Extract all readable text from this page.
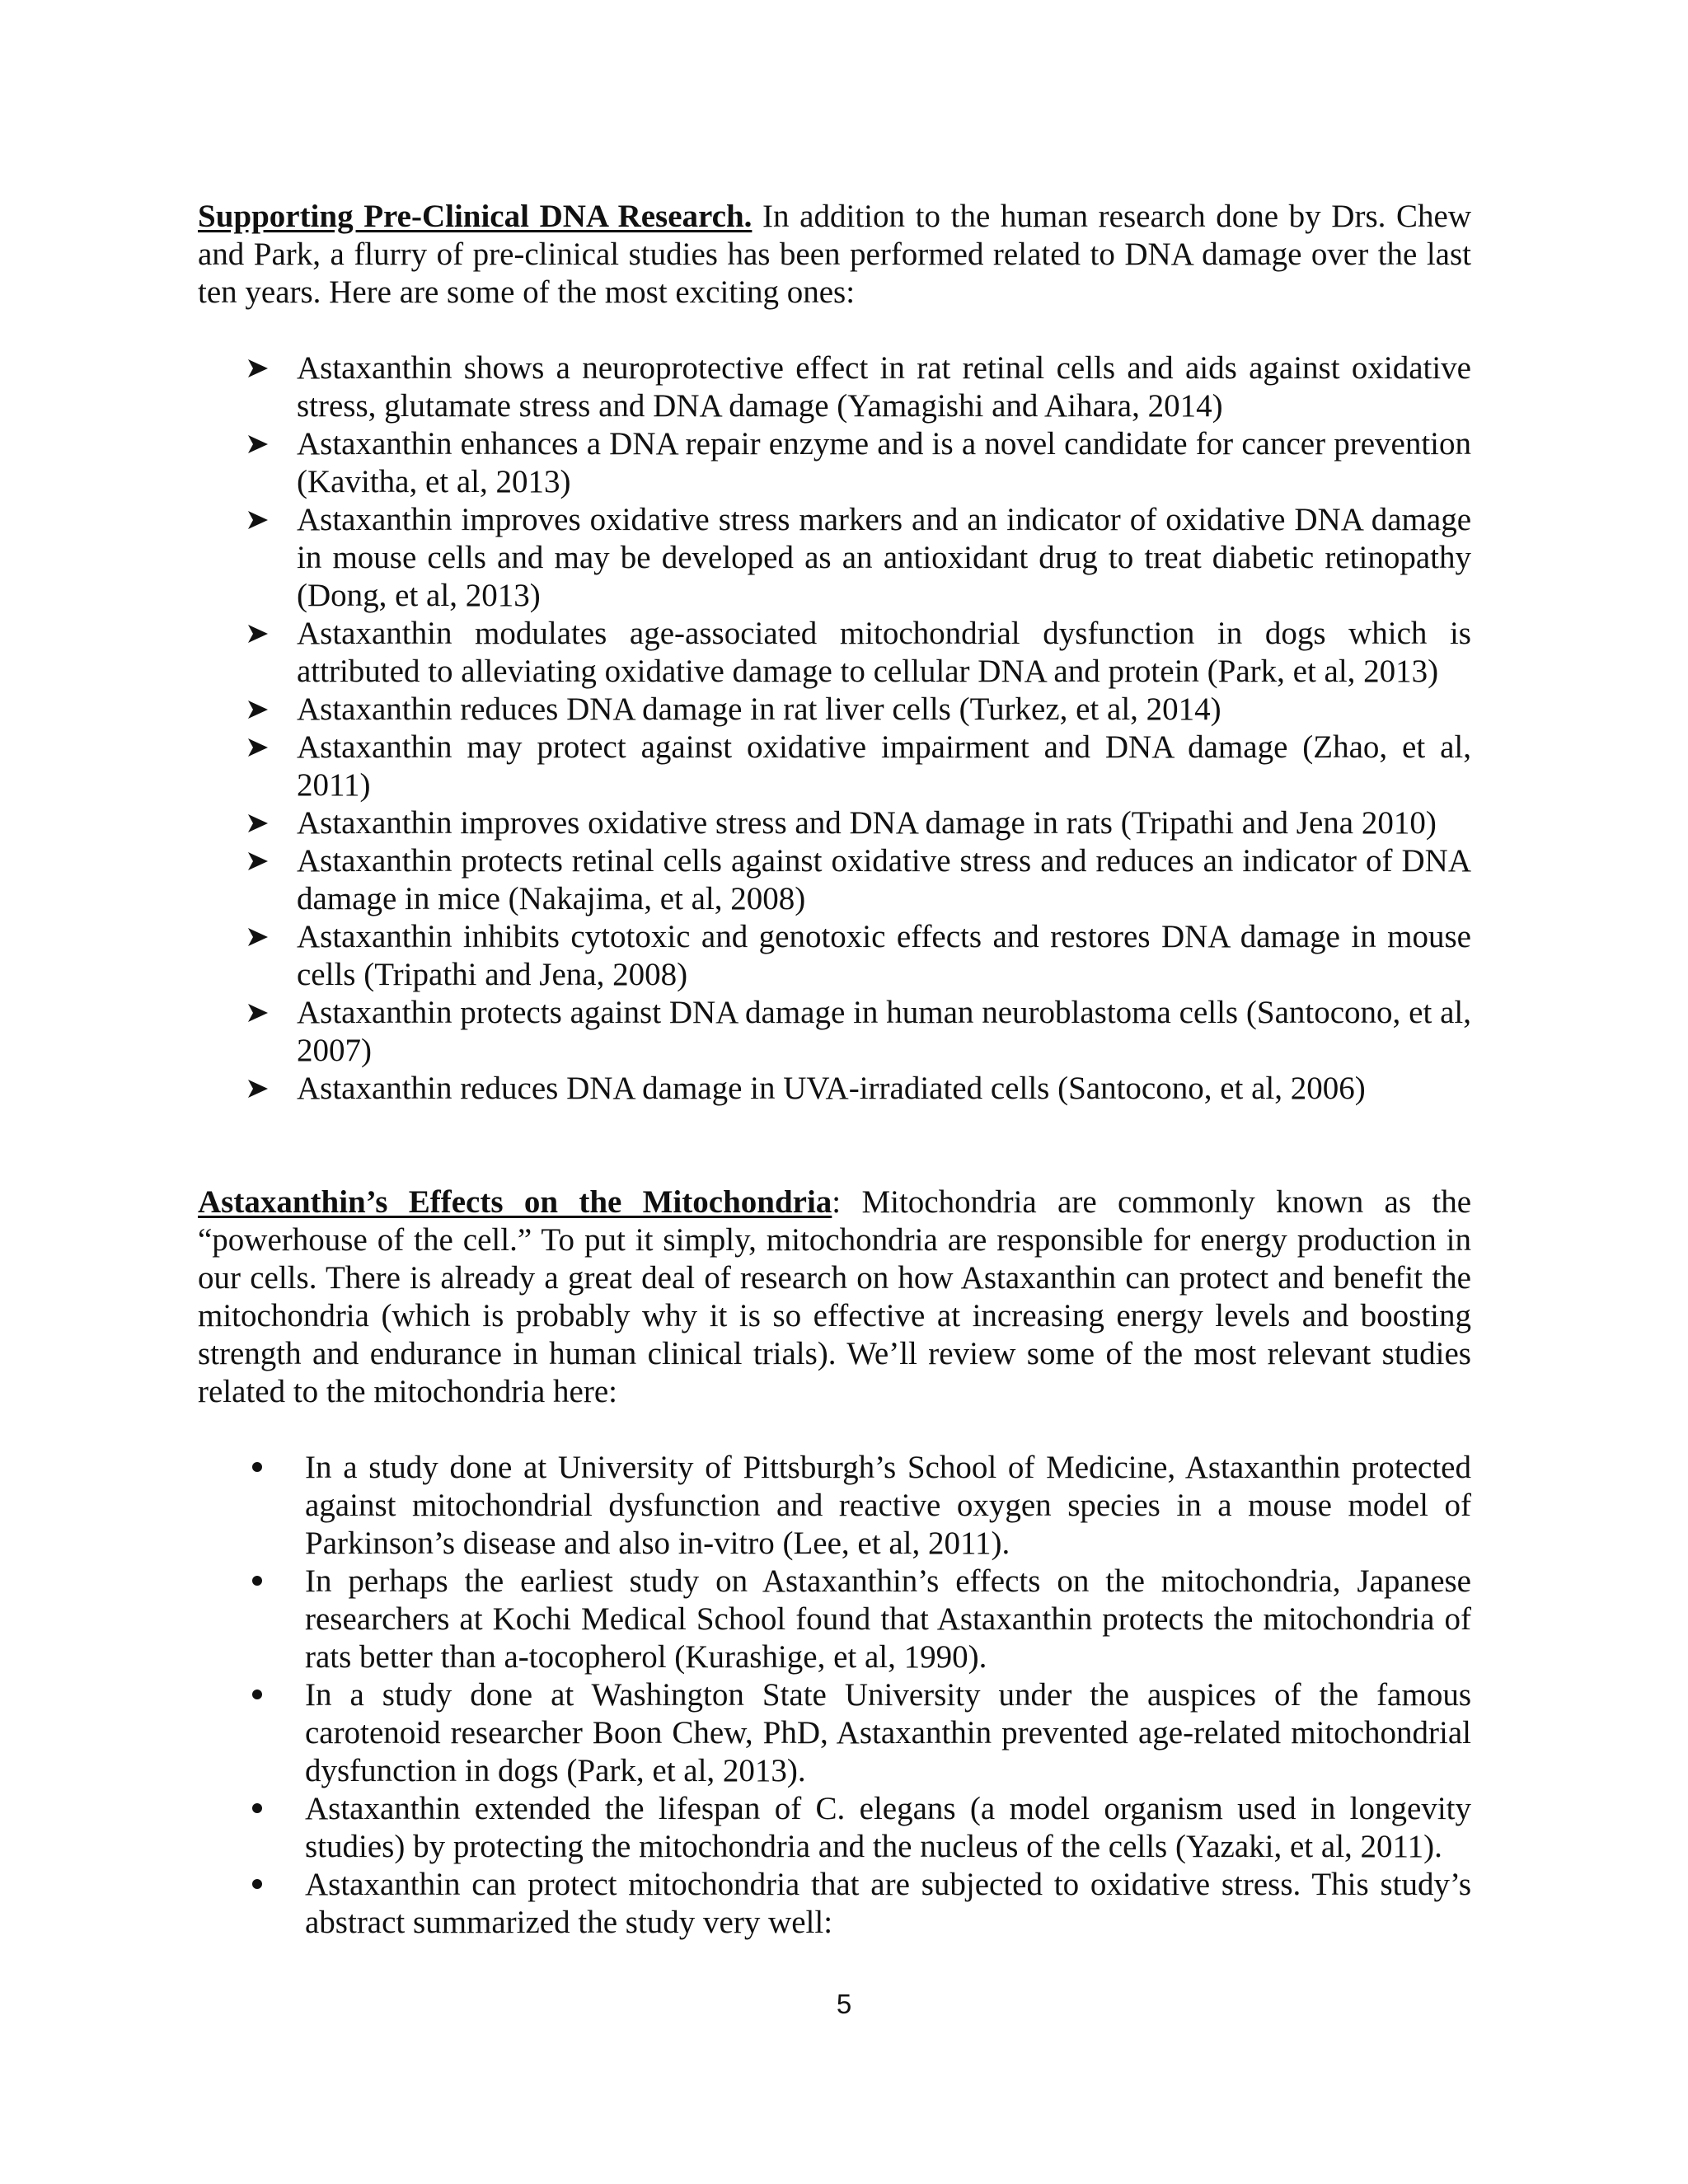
Supporting Pre-Clinical DNA Research. In addition to the human research done by Drs. Chew and Park, a flurry of pre-clinical studies has been performed related to DNA damage over the last ten years. Here are some of the most exciting ones:

Astaxanthin shows a neuroprotective effect in rat retinal cells and aids against oxidative stress, glutamate stress and DNA damage (Yamagishi and Aihara, 2014)
Astaxanthin enhances a DNA repair enzyme and is a novel candidate for cancer prevention (Kavitha, et al, 2013)
Astaxanthin improves oxidative stress markers and an indicator of oxidative DNA damage in mouse cells and may be developed as an antioxidant drug to treat diabetic retinopathy (Dong, et al, 2013)
Astaxanthin modulates age-associated mitochondrial dysfunction in dogs which is attributed to alleviating oxidative damage to cellular DNA and protein (Park, et al, 2013)
Astaxanthin reduces DNA damage in rat liver cells (Turkez, et al, 2014)
Astaxanthin may protect against oxidative impairment and DNA damage (Zhao, et al, 2011)
Astaxanthin improves oxidative stress and DNA damage in rats (Tripathi and Jena 2010)
Astaxanthin protects retinal cells against oxidative stress and reduces an indicator of DNA damage in mice (Nakajima, et al, 2008)
Astaxanthin inhibits cytotoxic and genotoxic effects and restores DNA damage in mouse cells (Tripathi and Jena, 2008)
Astaxanthin protects against DNA damage in human neuroblastoma cells (Santocono, et al, 2007)
Astaxanthin reduces DNA damage in UVA-irradiated cells (Santocono, et al, 2006)

Astaxanthin’s Effects on the Mitochondria: Mitochondria are commonly known as the “powerhouse of the cell.” To put it simply, mitochondria are responsible for energy production in our cells. There is already a great deal of research on how Astaxanthin can protect and benefit the mitochondria (which is probably why it is so effective at increasing energy levels and boosting strength and endurance in human clinical trials). We’ll review some of the most relevant studies related to the mitochondria here:

In a study done at University of Pittsburgh’s School of Medicine, Astaxanthin protected against mitochondrial dysfunction and reactive oxygen species in a mouse model of Parkinson’s disease and also in-vitro (Lee, et al, 2011).
In perhaps the earliest study on Astaxanthin’s effects on the mitochondria, Japanese researchers at Kochi Medical School found that Astaxanthin protects the mitochondria of rats better than a-tocopherol (Kurashige, et al, 1990).
In a study done at Washington State University under the auspices of the famous carotenoid researcher Boon Chew, PhD, Astaxanthin prevented age-related mitochondrial dysfunction in dogs (Park, et al, 2013).
Astaxanthin extended the lifespan of C. elegans (a model organism used in longevity studies) by protecting the mitochondria and the nucleus of the cells (Yazaki, et al, 2011).
Astaxanthin can protect mitochondria that are subjected to oxidative stress. This study’s abstract summarized the study very well:
5
